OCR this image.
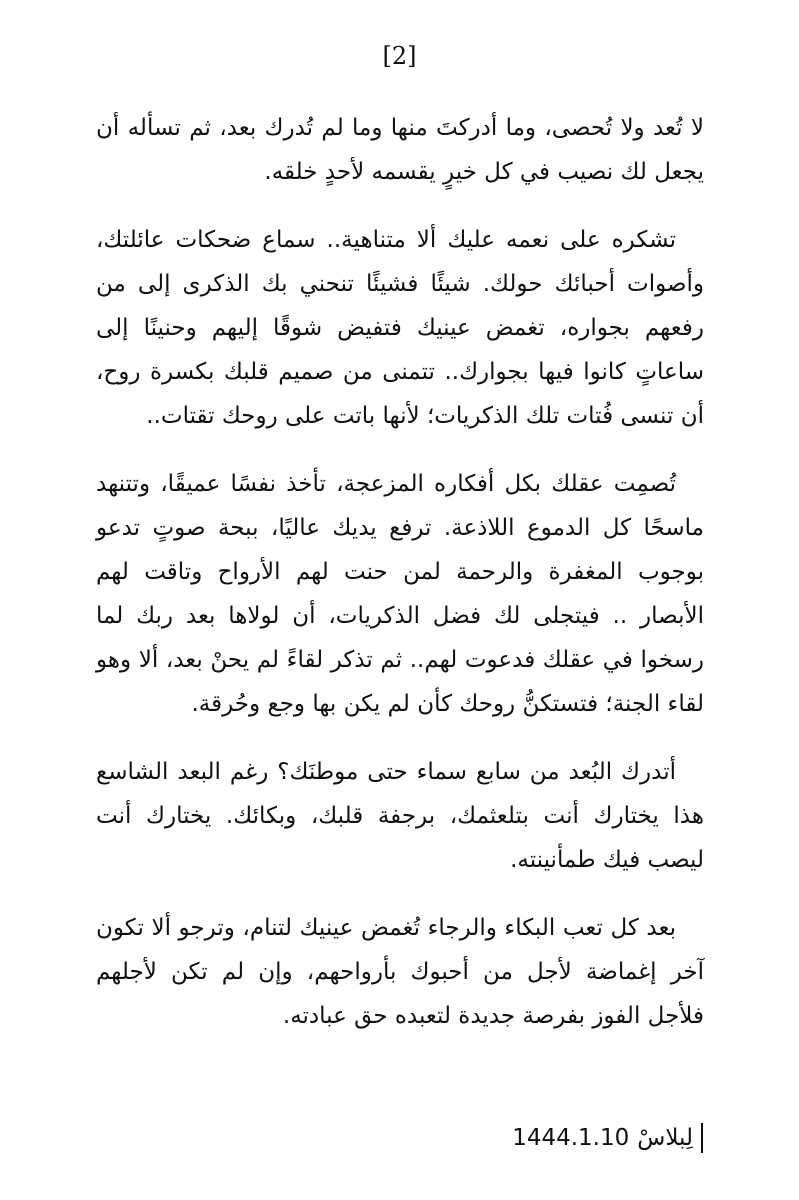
[2]

لا تُعد ولا تُحصى، وما أدركتَ منها وما لم تُدرك بعد، ثم تسأله أن يجعل لك نصيب في كل خيرٍ يقسمه لأحدٍ خلقه.

تشكره على نعمه عليك ألا متناهية.. سماع ضحكات عائلتك، وأصوات أحبائك حولك. شيئًا فشيئًا تنحني بك الذكرى إلى من رفعهم بجواره، تغمض عينيك فتفيض شوقًا إليهم وحنينًا إلى ساعاتٍ كانوا فيها بجوارك.. تتمنى من صميم قلبك بكسرة روح، أن تنسى فُتات تلك الذكريات؛ لأنها باتت على روحك تقتات..

تُصمِت عقلك بكل أفكاره المزعجة، تأخذ نفسًا عميقًا، وتتنهد ماسحًا كل الدموع اللاذعة. ترفع يديك عاليًا، ببحة صوتٍ تدعو بوجوب المغفرة والرحمة لمن حنت لهم الأرواح وتاقت لهم الأبصار .. فيتجلى لك فضل الذكريات، أن لولاها بعد ربك لما رسخوا في عقلك فدعوت لهم.. ثم تذكر لقاءً لم يحنْ بعد، ألا وهو لقاء الجنة؛ فتستكنُّ روحك كأن لم يكن بها وجع وحُرقة.

أتدرك البُعد من سابع سماء حتى موطنَك؟ رغم البعد الشاسع هذا يختارك أنت بتلعثمك، برجفة قلبك، وبكائك. يختارك أنت ليصب فيك طمأنينته.

بعد كل تعب البكاء والرجاء تُغمض عينيك لتنام، وترجو ألا تكون آخر إغماضة لأجل من أحبوك بأرواحهم، وإن لم تكن لأجلهم فلأجل الفوز بفرصة جديدة لتعبده حق عبادته.

لِبلاسْ
1444.1.10
